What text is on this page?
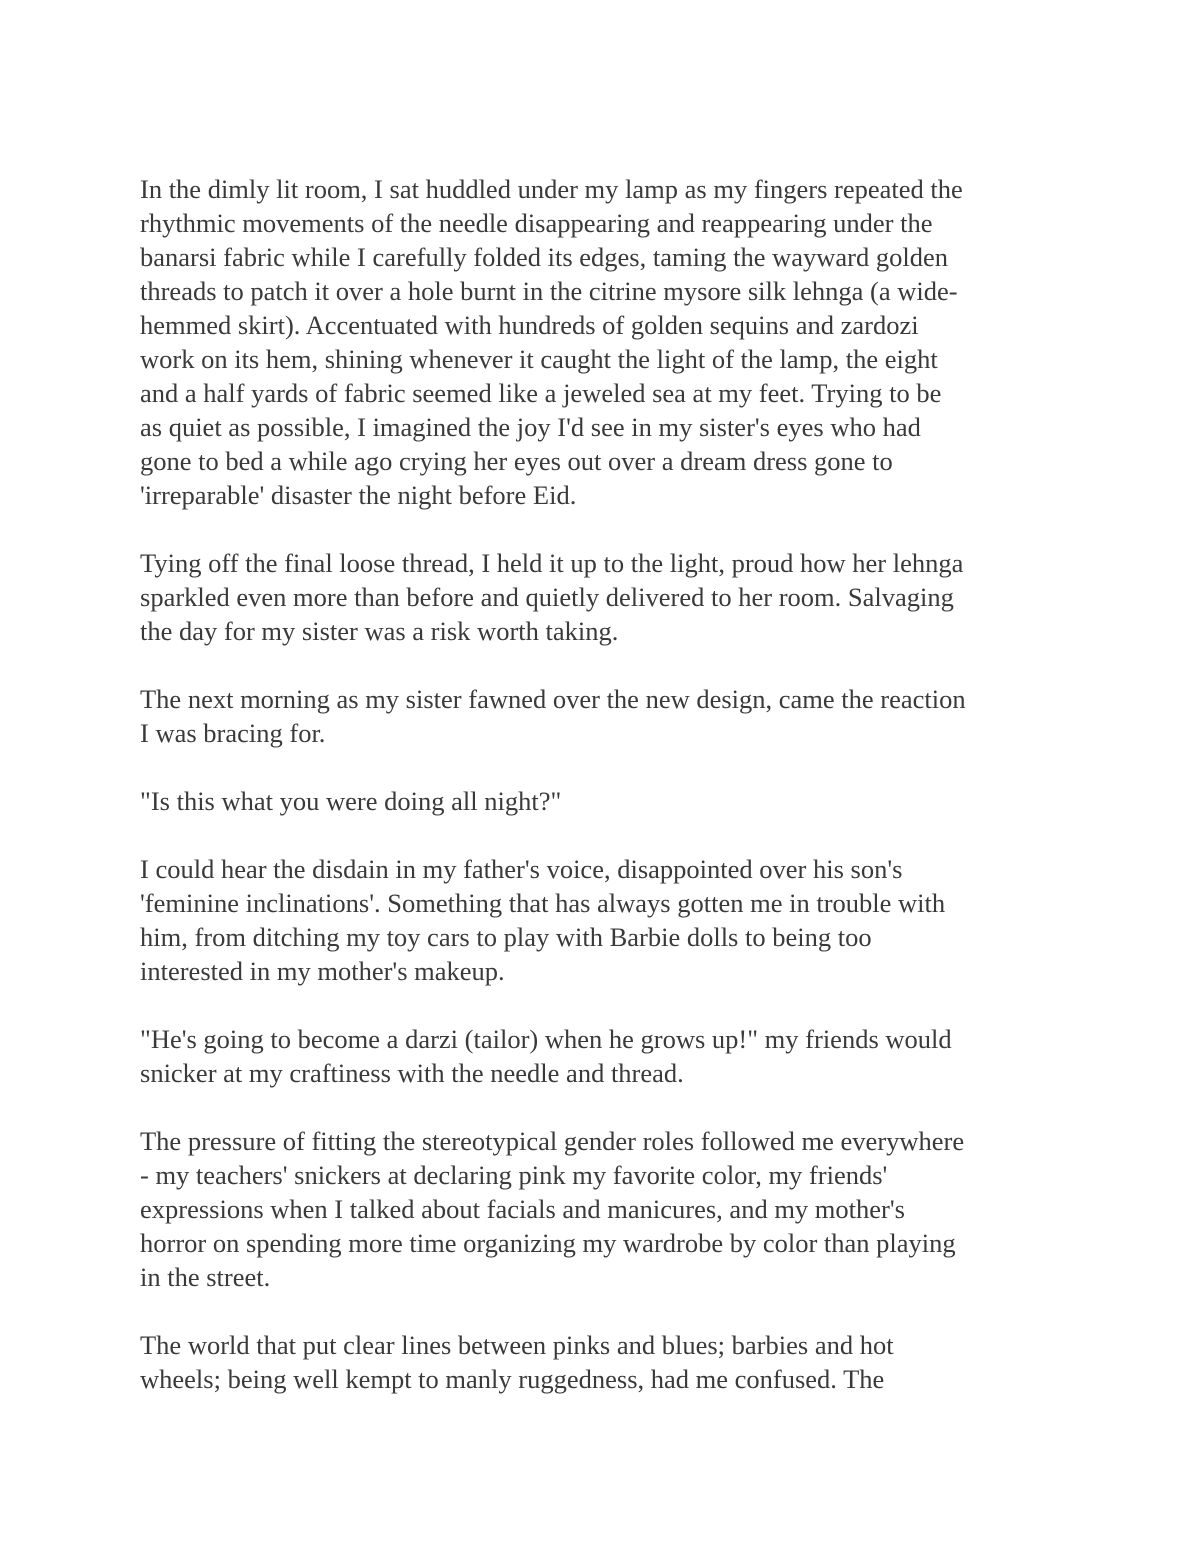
In the dimly lit room, I sat huddled under my lamp as my fingers repeated the
rhythmic movements of the needle disappearing and reappearing under the
banarsi fabric while I carefully folded its edges, taming the wayward golden
threads to patch it over a hole burnt in the citrine mysore silk lehnga (a wide-
hemmed skirt). Accentuated with hundreds of golden sequins and zardozi
work on its hem, shining whenever it caught the light of the lamp, the eight
and a half yards of fabric seemed like a jeweled sea at my feet. Trying to be
as quiet as possible, I imagined the joy I'd see in my sister's eyes who had
gone to bed a while ago crying her eyes out over a dream dress gone to
'irreparable' disaster the night before Eid.

Tying off the final loose thread, I held it up to the light, proud how her lehnga
sparkled even more than before and quietly delivered to her room. Salvaging
the day for my sister was a risk worth taking.

The next morning as my sister fawned over the new design, came the reaction
I was bracing for.

"Is this what you were doing all night?"

I could hear the disdain in my father's voice, disappointed over his son's
'feminine inclinations'. Something that has always gotten me in trouble with
him, from ditching my toy cars to play with Barbie dolls to being too
interested in my mother's makeup.

"He's going to become a darzi (tailor) when he grows up!" my friends would
snicker at my craftiness with the needle and thread.

The pressure of fitting the stereotypical gender roles followed me everywhere
- my teachers' snickers at declaring pink my favorite color, my friends'
expressions when I talked about facials and manicures, and my mother's
horror on spending more time organizing my wardrobe by color than playing
in the street.

The world that put clear lines between pinks and blues; barbies and hot
wheels; being well kempt to manly ruggedness, had me confused. The
